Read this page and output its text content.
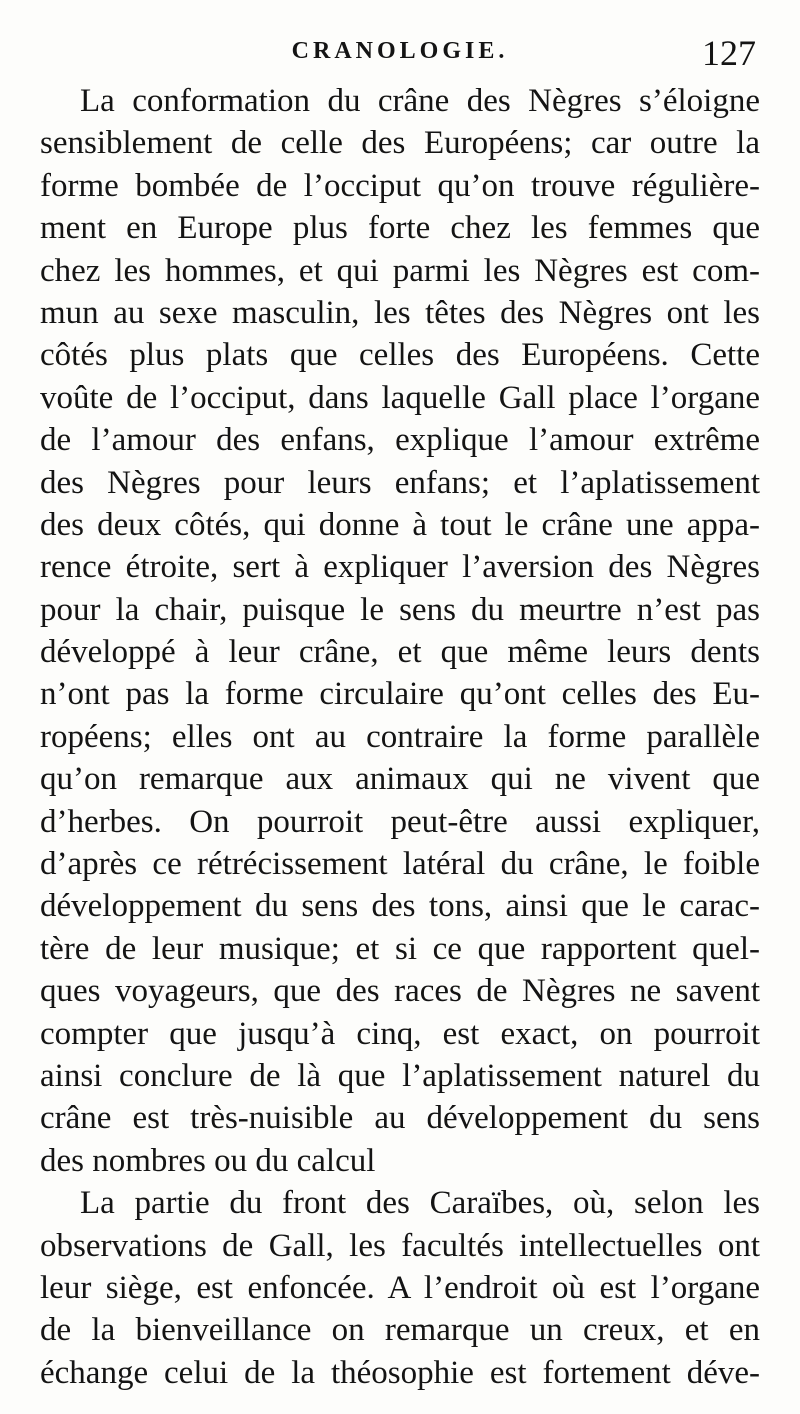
CRANOLOGIE.	127
La conformation du crâne des Nègres s’éloigne
sensiblement de celle des Européens; car outre la
forme bombée de l’occiput qu’on trouve régulière-
ment en Europe plus forte chez les femmes que
chez les hommes, et qui parmi les Nègres est com-
mun au sexe masculin, les têtes des Nègres ont les
côtés plus plats que celles des Européens. Cette
voûte de l’occiput, dans laquelle Gall place l’organe
de l’amour des enfans, explique l’amour extrême
des Nègres pour leurs enfans; et l’aplatissement
des deux côtés, qui donne à tout le crâne une appa-
rence étroite, sert à expliquer l’aversion des Nègres
pour la chair, puisque le sens du meurtre n’est pas
développé à leur crâne, et que même leurs dents
n’ont pas la forme circulaire qu’ont celles des Eu-
ropéens; elles ont au contraire la forme parallèle
qu’on remarque aux animaux qui ne vivent que
d’herbes. On pourroit peut-être aussi expliquer,
d’après ce rétrécissement latéral du crâne, le foible
développement du sens des tons, ainsi que le carac-
tère de leur musique; et si ce que rapportent quel-
ques voyageurs, que des races de Nègres ne savent
compter que jusqu’à cinq, est exact, on pourroit
ainsi conclure de là que l’aplatissement naturel du
crâne est très-nuisible au développement du sens
des nombres ou du calcul
La partie du front des Caraïbes, où, selon les
observations de Gall, les facultés intellectuelles ont
leur siège, est enfoncée. A l’endroit où est l’organe
de la bienveillance on remarque un creux, et en
échange celui de la théosophie est fortement déve-
